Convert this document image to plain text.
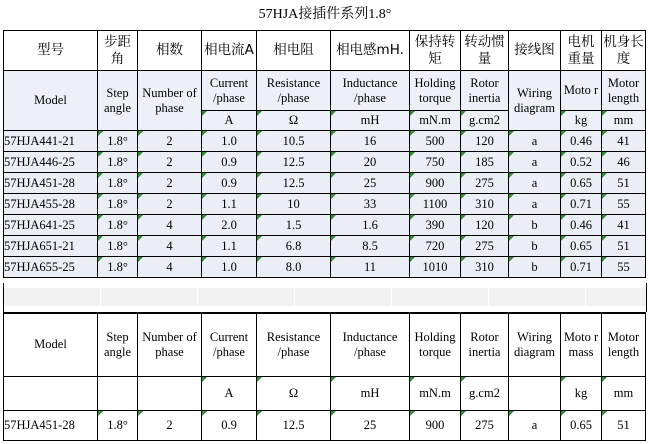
57HJA接插件系列1.8°
型号	步距角	相数	相电流A	相电阻	相电感mH.	保持转矩	转动惯量	接线图	电机重量	机身长度
Model	Step angle	Number of phase	Current /phase	Resistance /phase	Inductance /phase	Holding torque	Rotor inertia	Wiring diagram	Moto r	Motor length
			A	Ω	mH	mN.m	g.cm2		kg	mm
57HJA441-21	1.8°	2	1.0	10.5	16	500	120	a	0.46	41
57HJA446-25	1.8°	2	0.9	12.5	20	750	185	a	0.52	46
57HJA451-28	1.8°	2	0.9	12.5	25	900	275	a	0.65	51
57HJA455-28	1.8°	2	1.1	10	33	1100	310	a	0.71	55
57HJA641-25	1.8°	4	2.0	1.5	1.6	390	120	b	0.46	41
57HJA651-21	1.8°	4	1.1	6.8	8.5	720	275	b	0.65	51
57HJA655-25	1.8°	4	1.0	8.0	11	1010	310	b	0.71	55
Model	Step angle	Number of phase	Current /phase	Resistance /phase	Inductance /phase	Holding torque	Rotor inertia	Wiring diagram	Moto r mass	Motor length
			A	Ω	mH	mN.m	g.cm2		kg	mm
57HJA451-28	1.8°	2	0.9	12.5	25	900	275	a	0.65	51
